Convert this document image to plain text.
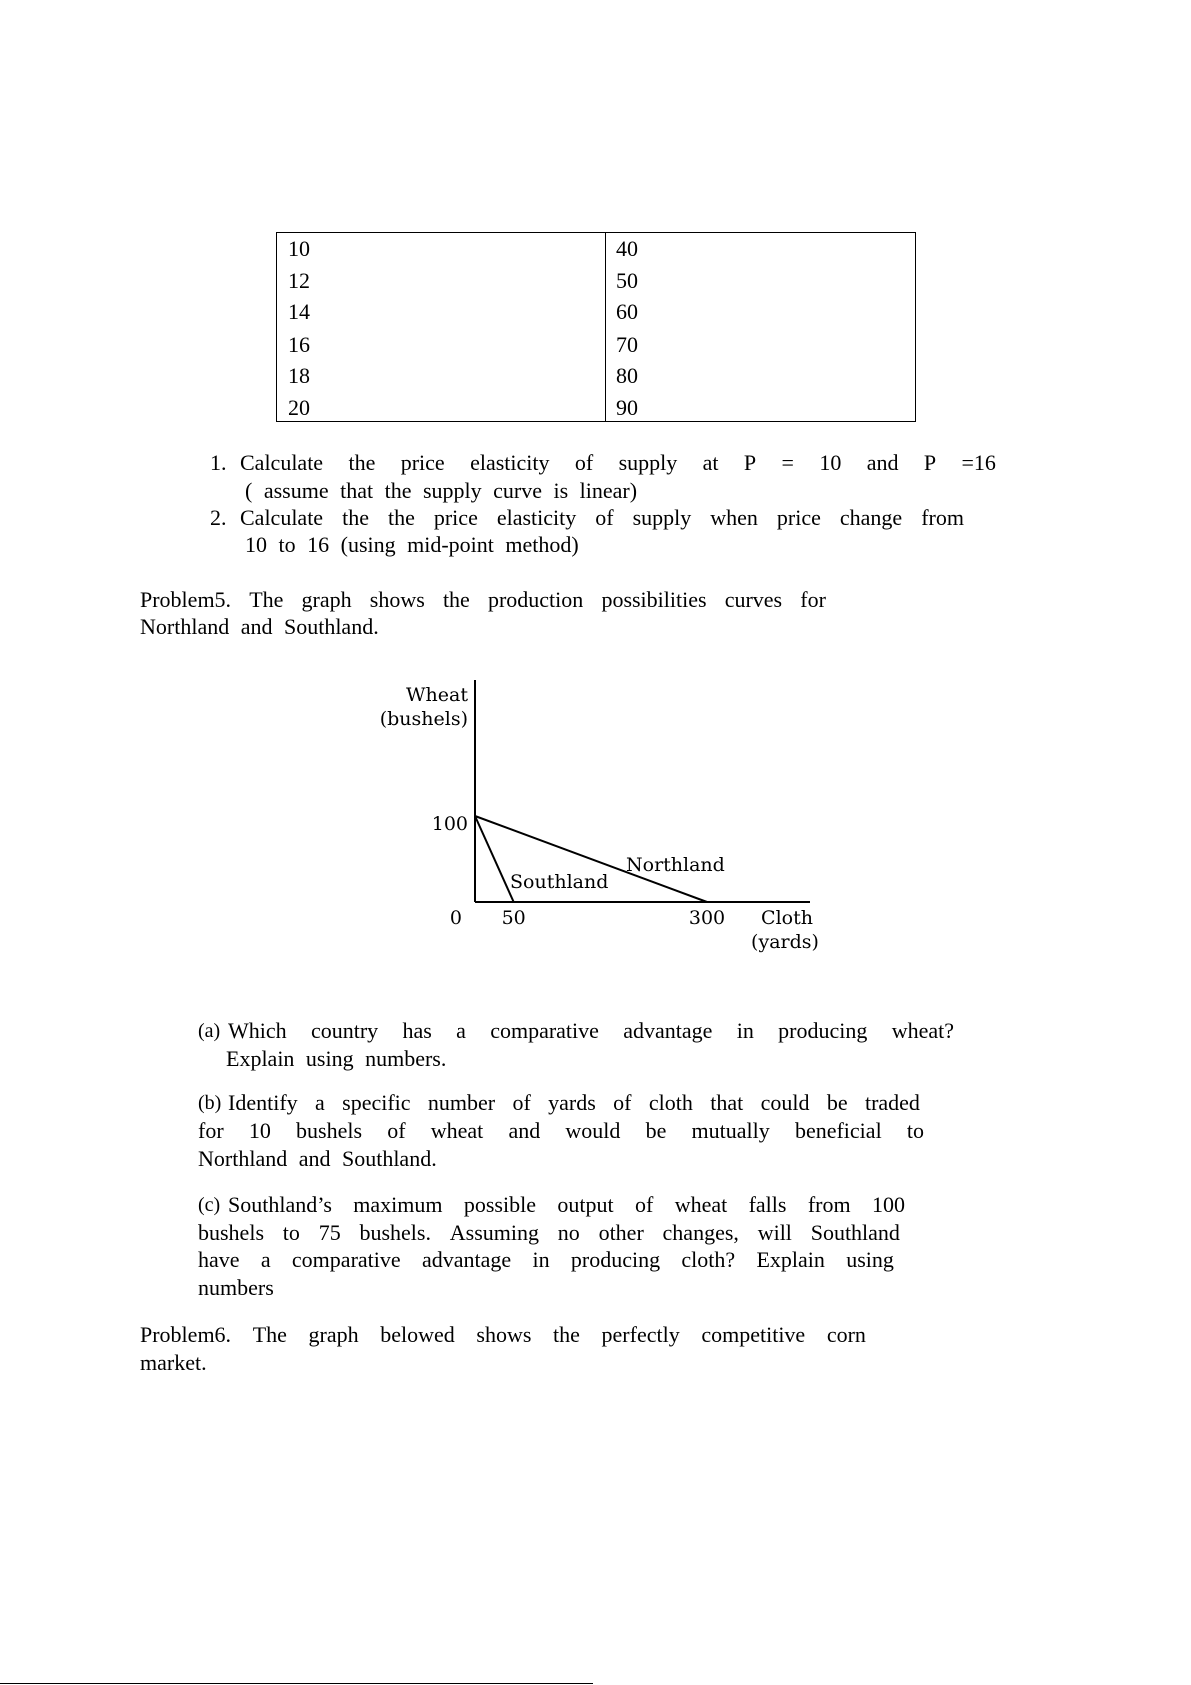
10	40
12	50
14	60
16	70
18	80
20	90
1. Calculate the price elasticity of supply at P = 10 and P =16
( assume that the supply curve is linear)
2. Calculate the the price elasticity of supply when price change from
10 to 16 (using mid-point method)
Problem5. The graph shows the production possibilities curves for
Northland and Southland.
Wheat
(bushels)
100
0 50	300 Cloth
(yards)
Northland
Southland
(a) Which country has a comparative advantage in producing wheat?
Explain using numbers.
(b) Identify a specific number of yards of cloth that could be traded
for 10 bushels of wheat and would be mutually beneficial to
Northland and Southland.
(c) Southland’s maximum possible output of wheat falls from 100
bushels to 75 bushels. Assuming no other changes, will Southland
have a comparative advantage in producing cloth? Explain using
numbers
Problem6. The graph belowed shows the perfectly competitive corn
market.
